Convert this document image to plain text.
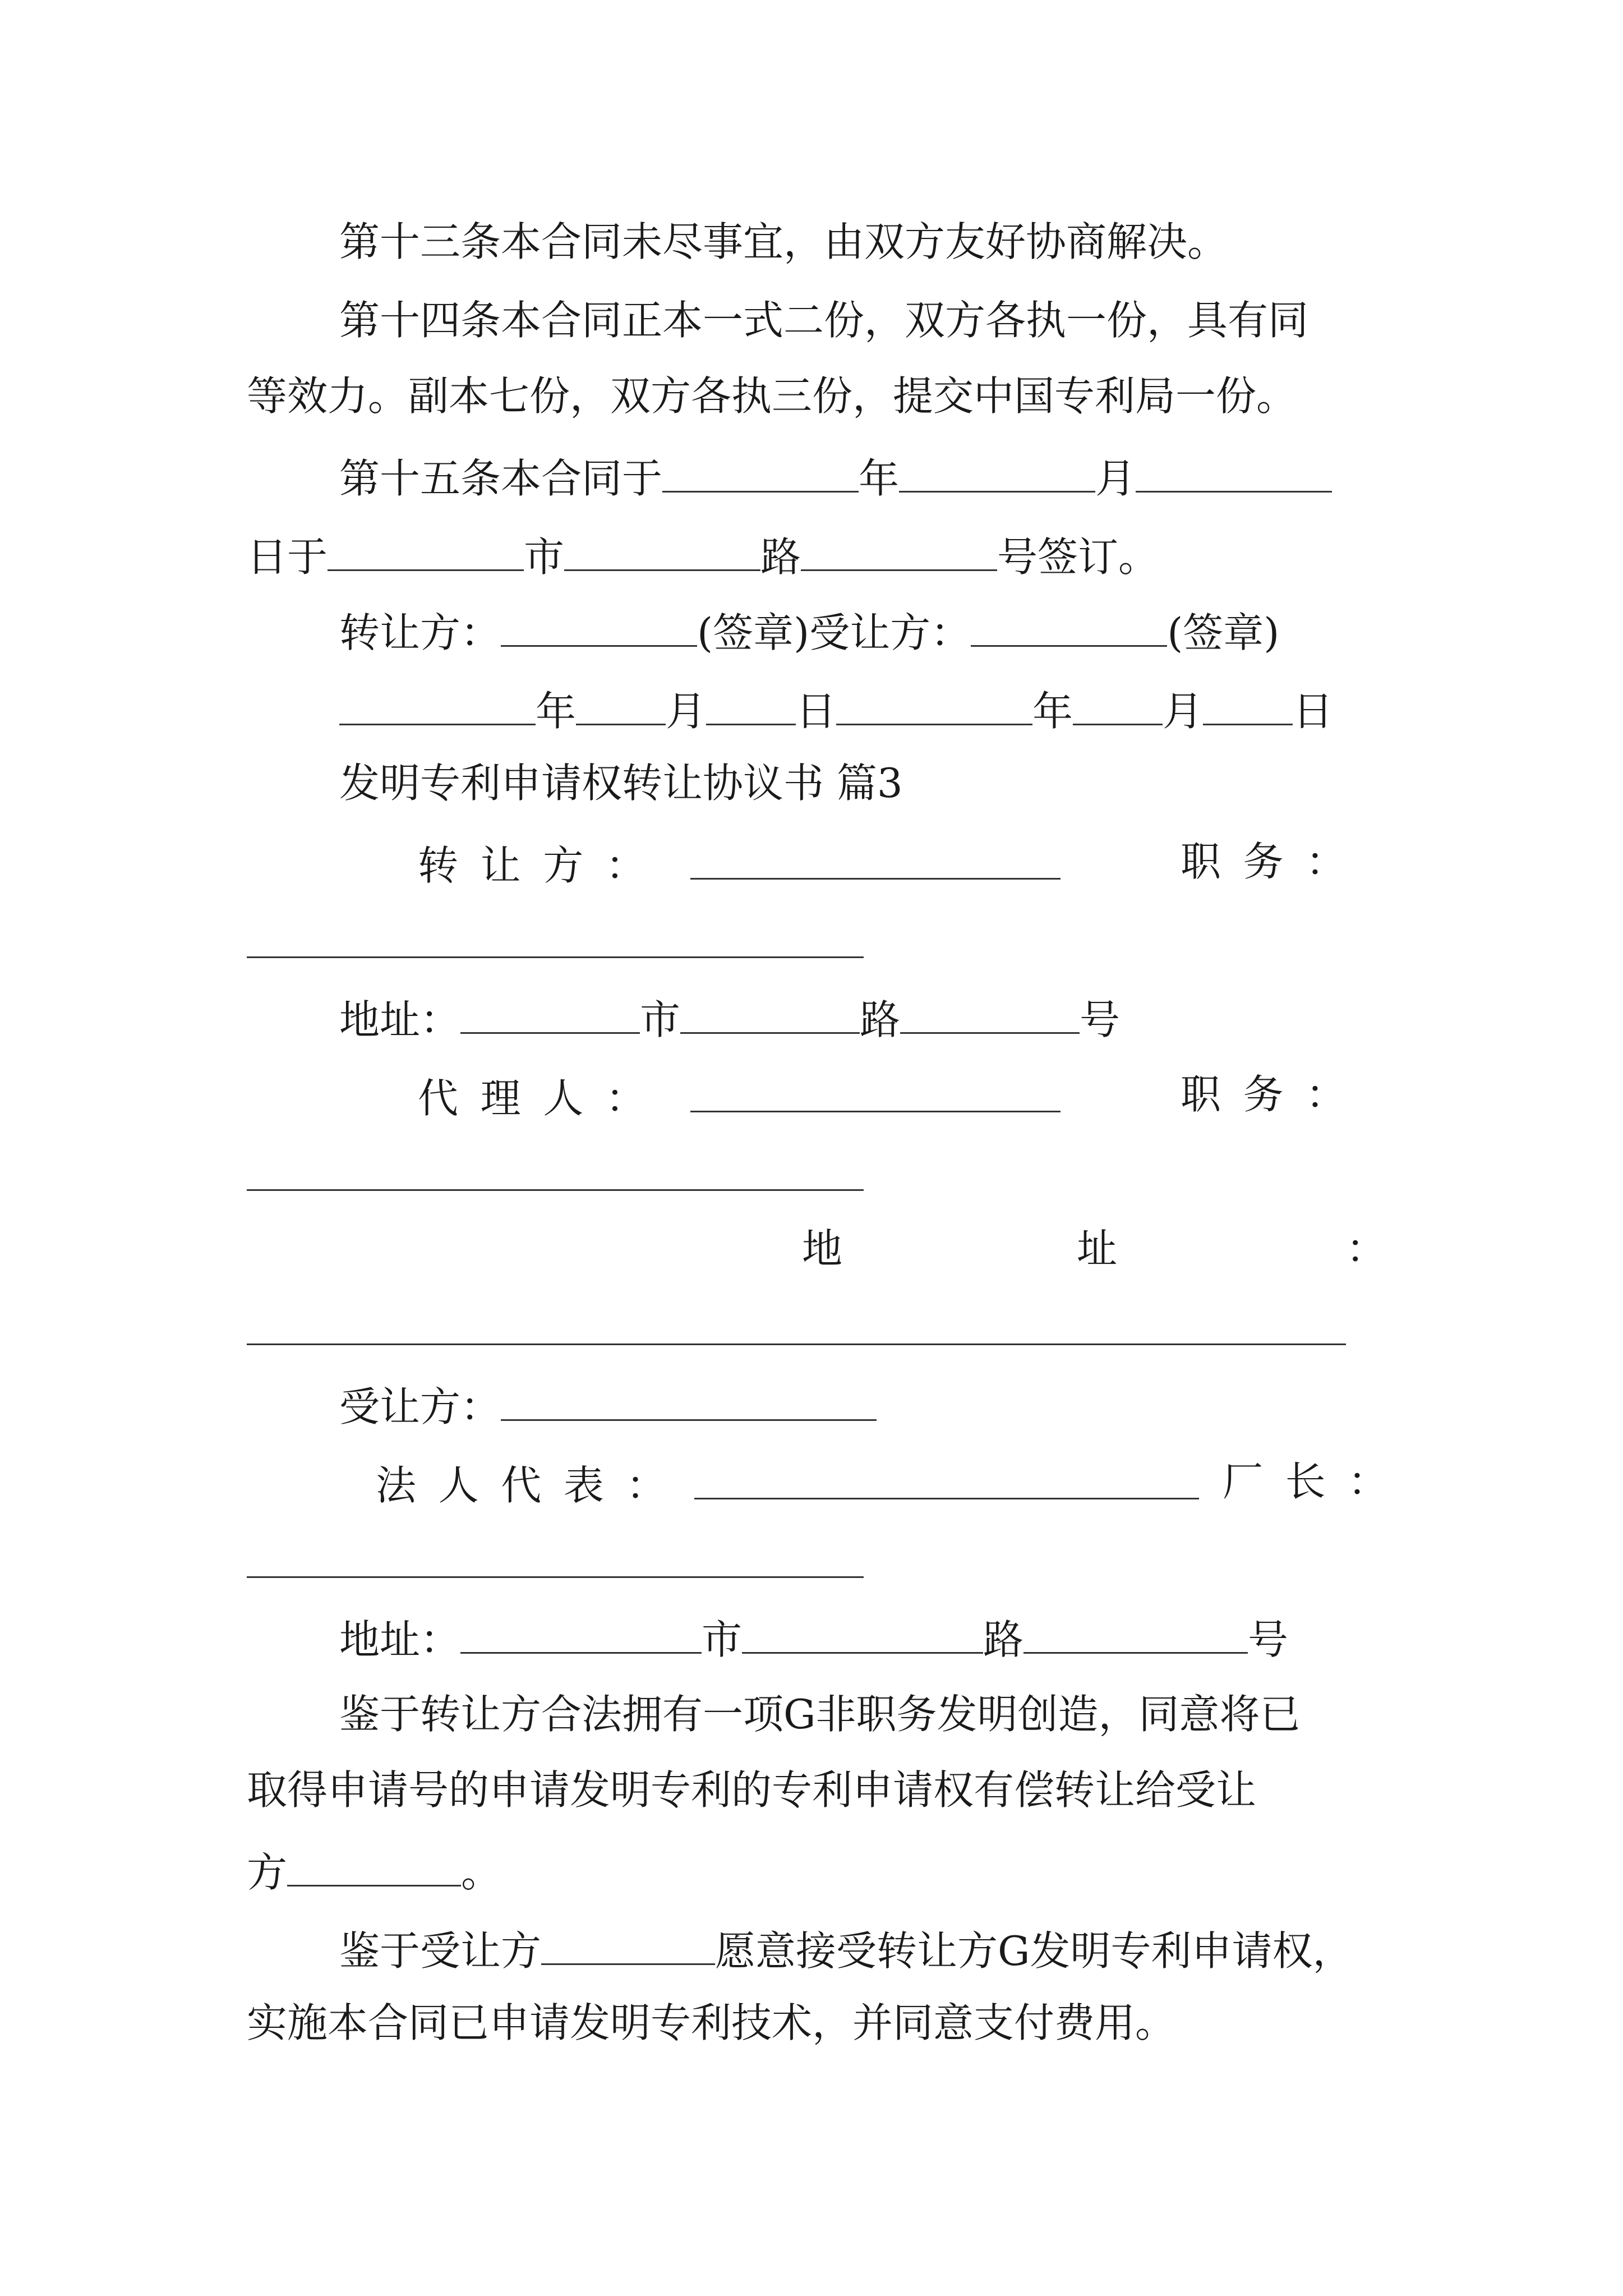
第十三条本合同未尽事宜，由双方友好协商解决。
第十四条本合同正本一式二份，双方各执一份，具有同
等效力。副本七份，双方各执三份，提交中国专利局一份。
第十五条本合同于	年	月
日于	市	路	号签订。
转让方：	(签章)受让方：	(签章)
年 月 日	年 月 日
发明专利申请权转让协议书 篇3
转让方：	职务：
地址：	市	路	号
代理人：	职务：
地	址	：
受让方：
法人代表：	厂长：
地址：	市	路	号
鉴于转让方合法拥有一项G非职务发明创造，同意将已
取得申请号的申请发明专利的专利申请权有偿转让给受让
方	。
鉴于受让方	愿意接受转让方G发明专利申请权，
实施本合同已申请发明专利技术，并同意支付费用。
